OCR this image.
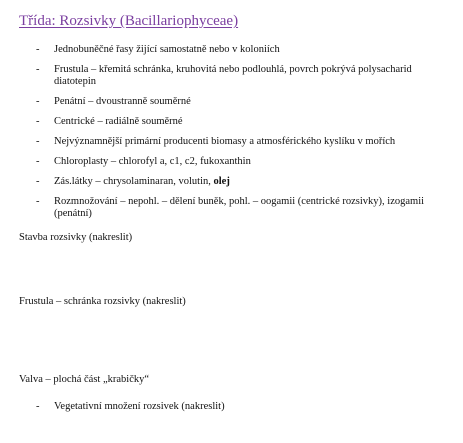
Třída: Rozsivky (Bacillariophyceae)
- Jednobuněčné řasy žijící samostatně nebo v koloniích
- Frustula – křemitá schránka, kruhovitá nebo podlouhlá, povrch pokrývá polysacharid diatotepin
- Penátní – dvoustranně souměrné
- Centrické – radiálně souměrné
- Nejvýznamnější primární producenti biomasy a atmosférického kyslíku v mořích
- Chloroplasty – chlorofyl a, c1, c2, fukoxanthin
- Zás.látky – chrysolaminaran, volutin, olej
- Rozmnožování – nepohl. – dělení buněk, pohl. – oogamii (centrické rozsivky), izogamii (penátní)
Stavba rozsivky (nakreslit)
Frustula – schránka rozsivky (nakreslit)
Valva – plochá část „krabičky“
- Vegetativní množení rozsivek (nakreslit)
